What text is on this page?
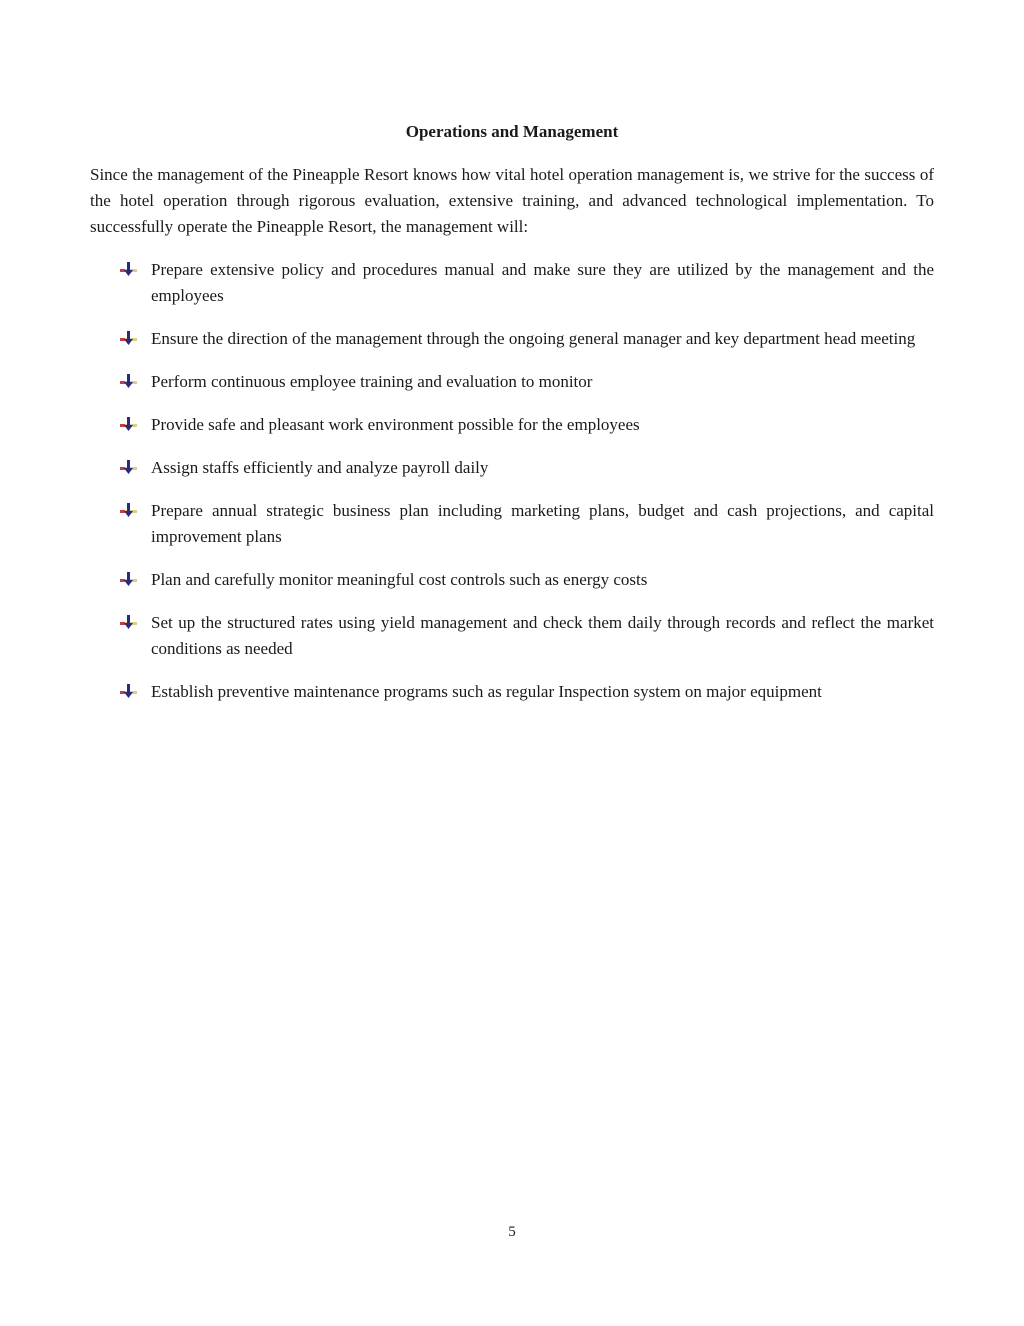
Operations and Management

Since the management of the Pineapple Resort knows how vital hotel operation management is, we strive for the success of the hotel operation through rigorous evaluation, extensive training, and advanced technological implementation. To successfully operate the Pineapple Resort, the management will:

Prepare extensive policy and procedures manual and make sure they are utilized by the management and the employees
Ensure the direction of the management through the ongoing general manager and key department head meeting
Perform continuous employee training and evaluation to monitor
Provide safe and pleasant work environment possible for the employees
Assign staffs efficiently and analyze payroll daily
Prepare annual strategic business plan including marketing plans, budget and cash projections, and capital improvement plans
Plan and carefully monitor meaningful cost controls such as energy costs
Set up the structured rates using yield management and check them daily through records and reflect the market conditions as needed
Establish preventive maintenance programs such as regular Inspection system on major equipment

5
